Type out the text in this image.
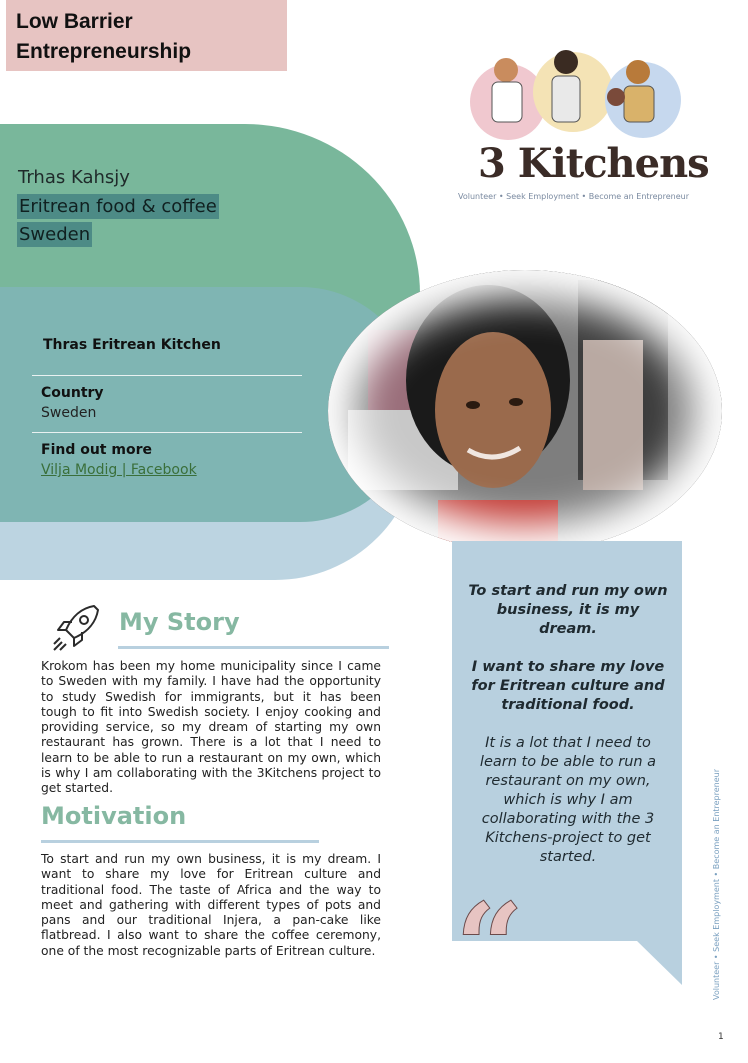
Low Barrier
Entrepreneurship
Trhas Kahsjy
Eritrean food & coffee
Sweden
Thras Eritrean Kitchen
Country
Sweden
Find out more
Vilja Modig | Facebook
3 Kitchens
Volunteer • Seek Employment • Become an Entrepreneur
To start and run my own business, it is my dream.
I want to share my love for Eritrean culture and traditional food.
It is a lot that I need to learn to be able to run a restaurant on my own, which is why I am collaborating with the 3 Kitchens-project to get started.
“
My Story
Krokom has been my home municipality since I came to Sweden with my family. I have had the opportunity to study Swedish for immigrants, but it has been tough to fit into Swedish society. I enjoy cooking and providing service, so my dream of starting my own restaurant has grown. There is a lot that I need to learn to be able to run a restaurant on my own, which is why I am collaborating with the 3Kitchens project to get started.
Motivation
To start and run my own business, it is my dream. I want to share my love for Eritrean culture and traditional food. The taste of Africa and the way to meet and gathering with different types of pots and pans and our traditional Injera, a pan-cake like flatbread. I also want to share the coffee ceremony, one of the most recognizable parts of Eritrean culture.	Volunteer • Seek Employment • Become an Entrepreneur
1
